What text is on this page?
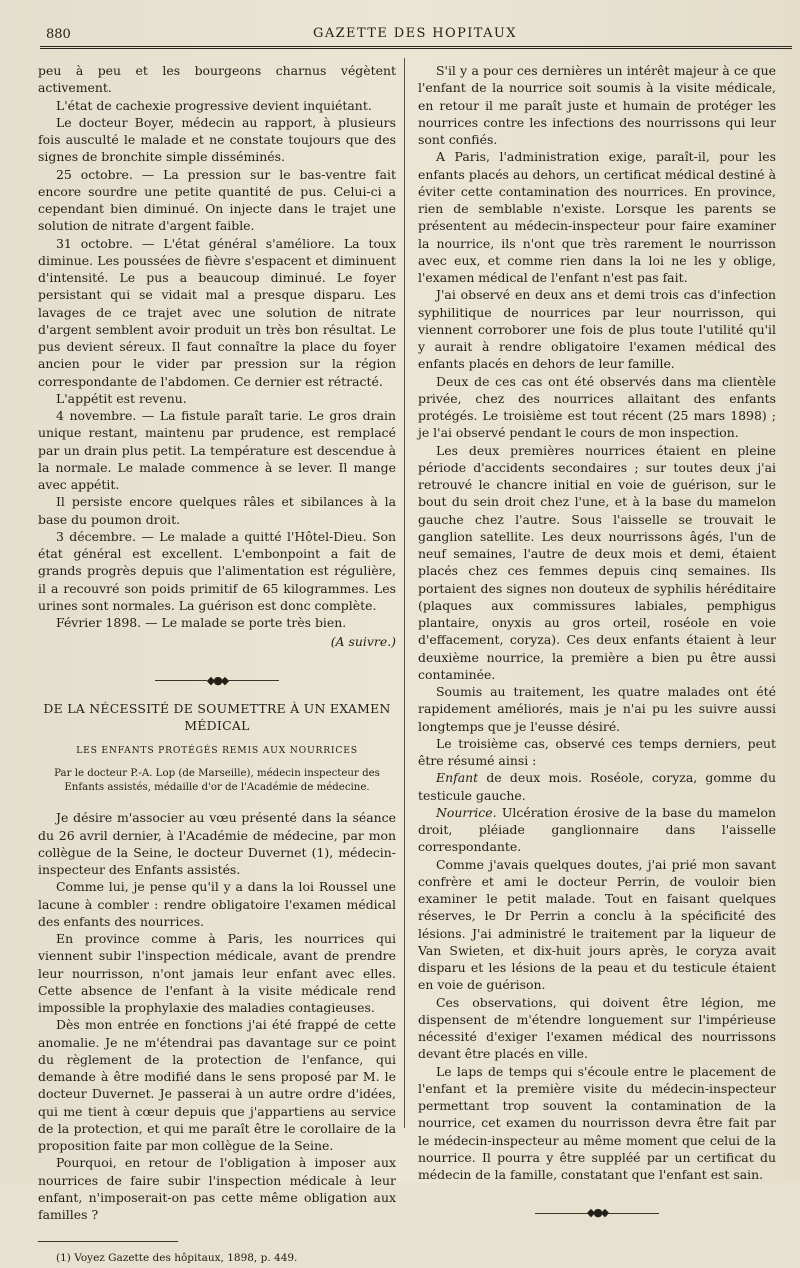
880	GAZETTE DES HOPITAUX

peu à peu et les bourgeons charnus végètent activement.

L'état de cachexie progressive devient inquiétant.

Le docteur Boyer, médecin au rapport, à plusieurs fois ausculté le malade et ne constate toujours que des signes de bronchite simple disséminés.

25 octobre. — La pression sur le bas-ventre fait encore sourdre une petite quantité de pus. Celui-ci a cependant bien diminué. On injecte dans le trajet une solution de nitrate d'argent faible.

31 octobre. — L'état général s'améliore. La toux diminue. Les poussées de fièvre s'espacent et diminuent d'intensité. Le pus a beaucoup diminué. Le foyer persistant qui se vidait mal a presque disparu. Les lavages de ce trajet avec une solution de nitrate d'argent semblent avoir produit un très bon résultat. Le pus devient séreux. Il faut connaître la place du foyer ancien pour le vider par pression sur la région correspondante de l'abdomen. Ce dernier est rétracté.

L'appétit est revenu.

4 novembre. — La fistule paraît tarie. Le gros drain unique restant, maintenu par prudence, est remplacé par un drain plus petit. La température est descendue à la normale. Le malade commence à se lever. Il mange avec appétit.

Il persiste encore quelques râles et sibilances à la base du poumon droit.

3 décembre. — Le malade a quitté l'Hôtel-Dieu. Son état général est excellent. L'embonpoint a fait de grands progrès depuis que l'alimentation est régulière, il a recouvré son poids primitif de 65 kilogrammes. Les urines sont normales. La guérison est donc complète.

Février 1898. — Le malade se porte très bien.

(A suivre.)
◆●◆
DE LA NÉCESSITÉ DE SOUMETTRE À UN EXAMEN MÉDICAL
LES ENFANTS PROTÉGÉS REMIS AUX NOURRICES
Par le docteur P.-A. Lop (de Marseille), médecin inspecteur des Enfants assistés, médaille d'or de l'Académie de médecine.

Je désire m'associer au vœu présenté dans la séance du 26 avril dernier, à l'Académie de médecine, par mon collègue de la Seine, le docteur Duvernet (1), médecin-inspecteur des Enfants assistés.

Comme lui, je pense qu'il y a dans la loi Roussel une lacune à combler : rendre obligatoire l'examen médical des enfants des nourrices.

En province comme à Paris, les nourrices qui viennent subir l'inspection médicale, avant de prendre leur nourrisson, n'ont jamais leur enfant avec elles. Cette absence de l'enfant à la visite médicale rend impossible la prophylaxie des maladies contagieuses.

Dès mon entrée en fonctions j'ai été frappé de cette anomalie. Je ne m'étendrai pas davantage sur ce point du règlement de la protection de l'enfance, qui demande à être modifié dans le sens proposé par M. le docteur Duvernet. Je passerai à un autre ordre d'idées, qui me tient à cœur depuis que j'appartiens au service de la protection, et qui me paraît être le corollaire de la proposition faite par mon collègue de la Seine.

Pourquoi, en retour de l'obligation à imposer aux nourrices de faire subir l'inspection médicale à leur enfant, n'imposerait-on pas cette même obligation aux familles ?

(1) Voyez Gazette des hôpitaux, 1898, p. 449.

S'il y a pour ces dernières un intérêt majeur à ce que l'enfant de la nourrice soit soumis à la visite médicale, en retour il me paraît juste et humain de protéger les nourrices contre les infections des nourrissons qui leur sont confiés.

A Paris, l'administration exige, paraît-il, pour les enfants placés au dehors, un certificat médical destiné à éviter cette contamination des nourrices. En province, rien de semblable n'existe. Lorsque les parents se présentent au médecin-inspecteur pour faire examiner la nourrice, ils n'ont que très rarement le nourrisson avec eux, et comme rien dans la loi ne les y oblige, l'examen médical de l'enfant n'est pas fait.

J'ai observé en deux ans et demi trois cas d'infection syphilitique de nourrices par leur nourrisson, qui viennent corroborer une fois de plus toute l'utilité qu'il y aurait à rendre obligatoire l'examen médical des enfants placés en dehors de leur famille.

Deux de ces cas ont été observés dans ma clientèle privée, chez des nourrices allaitant des enfants protégés. Le troisième est tout récent (25 mars 1898) ; je l'ai observé pendant le cours de mon inspection.

Les deux premières nourrices étaient en pleine période d'accidents secondaires ; sur toutes deux j'ai retrouvé le chancre initial en voie de guérison, sur le bout du sein droit chez l'une, et à la base du mamelon gauche chez l'autre. Sous l'aisselle se trouvait le ganglion satellite. Les deux nourrissons âgés, l'un de neuf semaines, l'autre de deux mois et demi, étaient placés chez ces femmes depuis cinq semaines. Ils portaient des signes non douteux de syphilis héréditaire (plaques aux commissures labiales, pemphigus plantaire, onyxis au gros orteil, roséole en voie d'effacement, coryza). Ces deux enfants étaient à leur deuxième nourrice, la première a bien pu être aussi contaminée.

Soumis au traitement, les quatre malades ont été rapidement améliorés, mais je n'ai pu les suivre aussi longtemps que je l'eusse désiré.

Le troisième cas, observé ces temps derniers, peut être résumé ainsi :

Enfant de deux mois. Roséole, coryza, gomme du testicule gauche.

Nourrice. Ulcération érosive de la base du mamelon droit, pléiade ganglionnaire dans l'aisselle correspondante.

Comme j'avais quelques doutes, j'ai prié mon savant confrère et ami le docteur Perrin, de vouloir bien examiner le petit malade. Tout en faisant quelques réserves, le Dr Perrin a conclu à la spécificité des lésions. J'ai administré le traitement par la liqueur de Van Swieten, et dix-huit jours après, le coryza avait disparu et les lésions de la peau et du testicule étaient en voie de guérison.

Ces observations, qui doivent être légion, me dispensent de m'étendre longuement sur l'impérieuse nécessité d'exiger l'examen médical des nourrissons devant être placés en ville.

Le laps de temps qui s'écoule entre le placement de l'enfant et la première visite du médecin-inspecteur permettant trop souvent la contamination de la nourrice, cet examen du nourrisson devra être fait par le médecin-inspecteur au même moment que celui de la nourrice. Il pourra y être suppléé par un certificat du médecin de la famille, constatant que l'enfant est sain.

◆●◆
